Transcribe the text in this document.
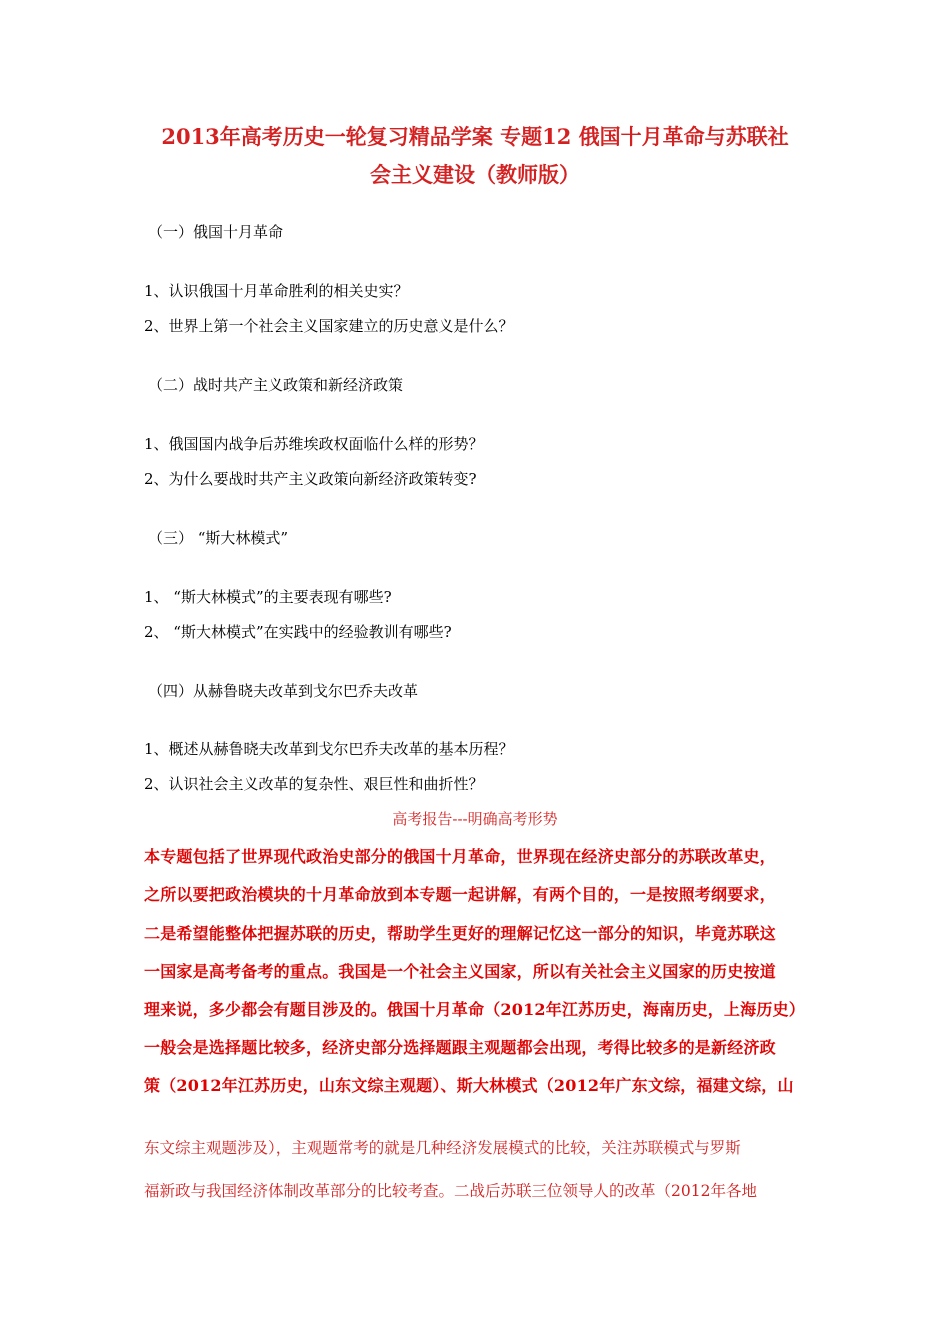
2013年高考历史一轮复习精品学案 专题12 俄国十月革命与苏联社
会主义建设（教师版）
（一）俄国十月革命
1、认识俄国十月革命胜利的相关史实？
2、世界上第一个社会主义国家建立的历史意义是什么？
（二）战时共产主义政策和新经济政策
1、俄国国内战争后苏维埃政权面临什么样的形势？
2、为什么要战时共产主义政策向新经济政策转变?
（三） “斯大林模式”
1、 “斯大林模式”的主要表现有哪些?
2、 “斯大林模式”在实践中的经验教训有哪些?
（四）从赫鲁晓夫改革到戈尔巴乔夫改革
1、概述从赫鲁晓夫改革到戈尔巴乔夫改革的基本历程？
2、认识社会主义改革的复杂性、艰巨性和曲折性？
高考报告---明确高考形势
本专题包括了世界现代政治史部分的俄国十月革命，世界现在经济史部分的苏联改革史，
之所以要把政治模块的十月革命放到本专题一起讲解，有两个目的，一是按照考纲要求，
二是希望能整体把握苏联的历史，帮助学生更好的理解记忆这一部分的知识，毕竟苏联这
一国家是高考备考的重点。我国是一个社会主义国家，所以有关社会主义国家的历史按道
理来说，多少都会有题目涉及的。俄国十月革命（2012年江苏历史，海南历史，上海历史）
一般会是选择题比较多，经济史部分选择题跟主观题都会出现，考得比较多的是新经济政
策（2012年江苏历史，山东文综主观题）、斯大林模式（2012年广东文综，福建文综，山
东文综主观题涉及），主观题常考的就是几种经济发展模式的比较，关注苏联模式与罗斯
福新政与我国经济体制改革部分的比较考查。二战后苏联三位领导人的改革（2012年各地
